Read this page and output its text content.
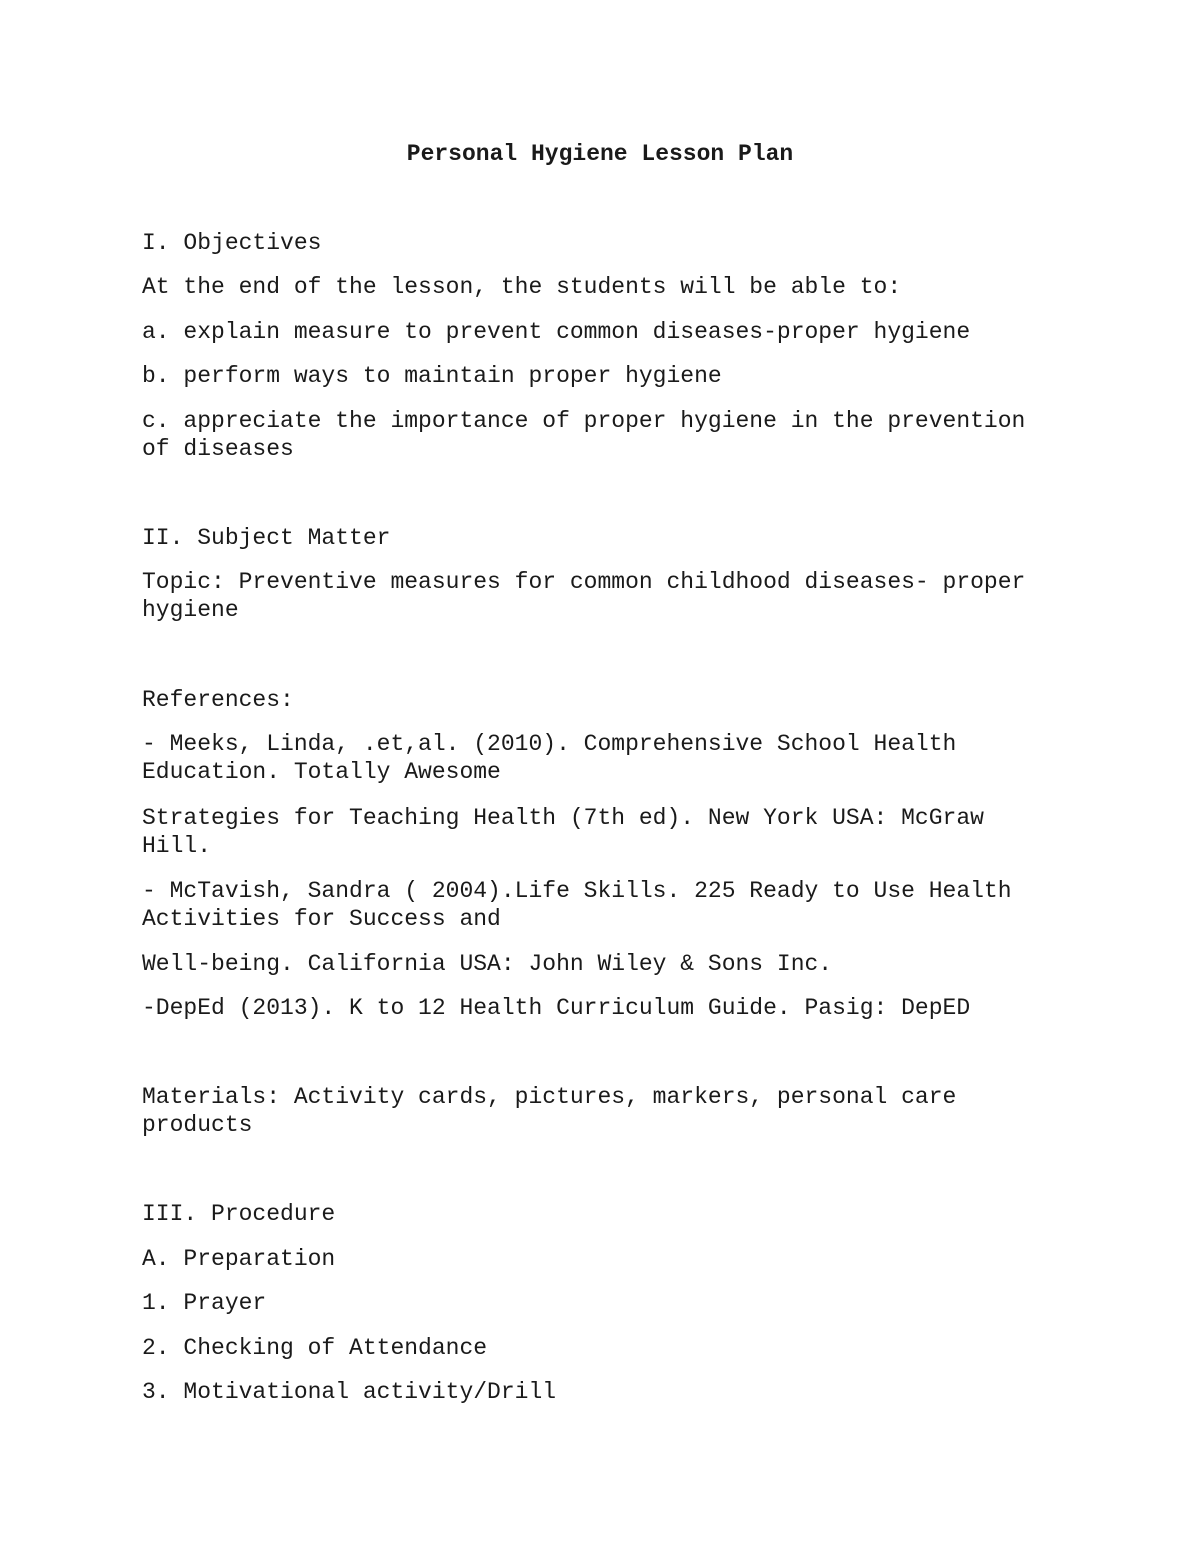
Personal Hygiene Lesson Plan

I. Objectives

At the end of the lesson, the students will be able to:

a. explain measure to prevent common diseases-proper hygiene

b. perform ways to maintain proper hygiene

c. appreciate the importance of proper hygiene in the prevention
of diseases

II. Subject Matter

Topic: Preventive measures for common childhood diseases- proper
hygiene

References:

- Meeks, Linda, .et,al. (2010). Comprehensive School Health
Education. Totally Awesome

Strategies for Teaching Health (7th ed). New York USA: McGraw
Hill.

- McTavish, Sandra ( 2004).Life Skills. 225 Ready to Use Health
Activities for Success and

Well-being. California USA: John Wiley & Sons Inc.

-DepEd (2013). K to 12 Health Curriculum Guide. Pasig: DepED

Materials: Activity cards, pictures, markers, personal care
products

III. Procedure

A. Preparation

1. Prayer

2. Checking of Attendance

3. Motivational activity/Drill
